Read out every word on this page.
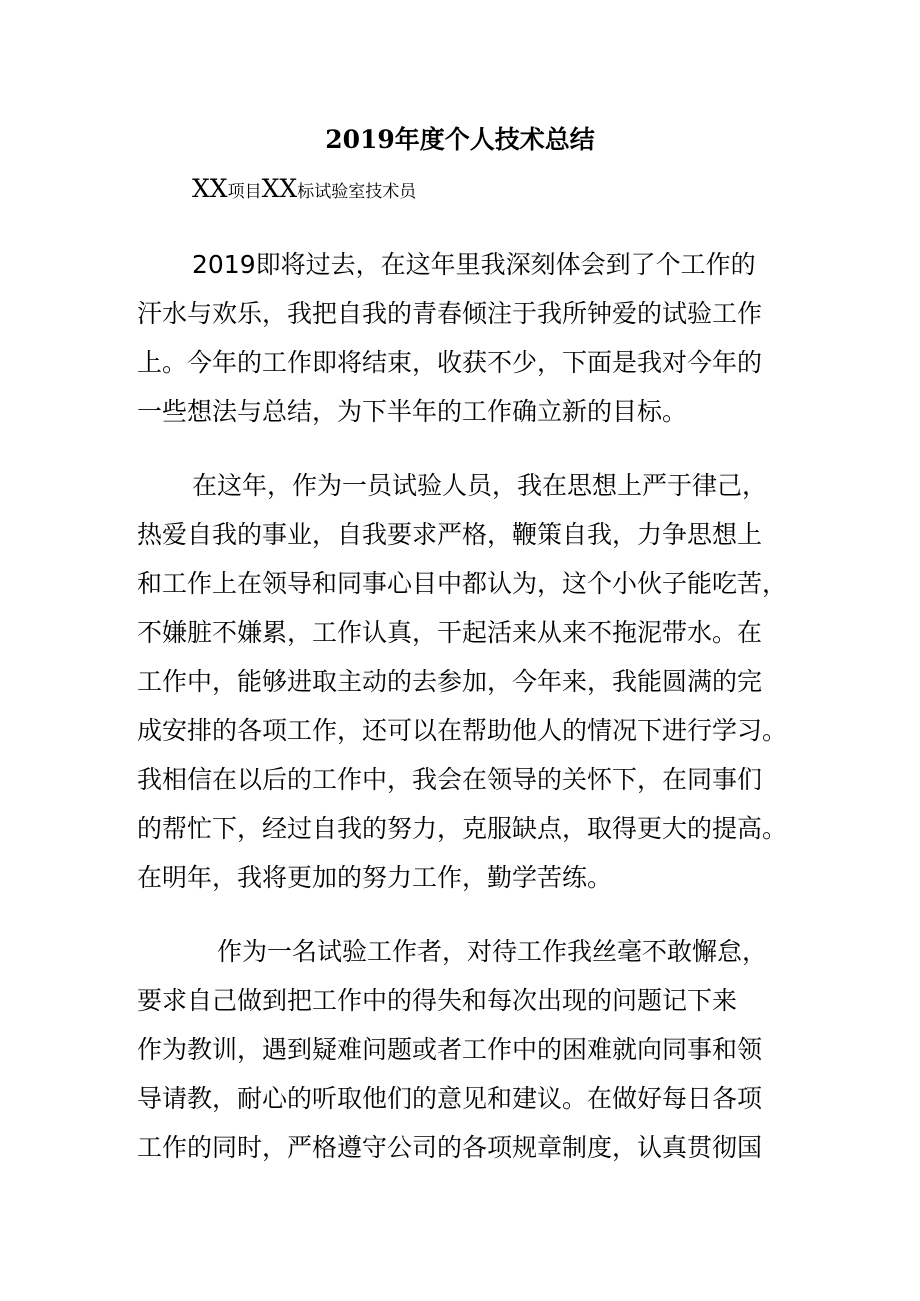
2019年度个人技术总结
XX项目XX标试验室技术员
2019即将过去，在这年里我深刻体会到了个工作的
汗水与欢乐，我把自我的青春倾注于我所钟爱的试验工作
上。今年的工作即将结束，收获不少，下面是我对今年的
一些想法与总结，为下半年的工作确立新的目标。
在这年，作为一员试验人员，我在思想上严于律己，
热爱自我的事业，自我要求严格，鞭策自我，力争思想上
和工作上在领导和同事心目中都认为，这个小伙子能吃苦，
不嫌脏不嫌累，工作认真，干起活来从来不拖泥带水。在
工作中，能够进取主动的去参加，今年来，我能圆满的完
成安排的各项工作，还可以在帮助他人的情况下进行学习。
我相信在以后的工作中，我会在领导的关怀下，在同事们
的帮忙下，经过自我的努力，克服缺点，取得更大的提高。
在明年，我将更加的努力工作，勤学苦练。
作为一名试验工作者，对待工作我丝毫不敢懈怠，
要求自己做到把工作中的得失和每次出现的问题记下来
作为教训，遇到疑难问题或者工作中的困难就向同事和领
导请教，耐心的听取他们的意见和建议。在做好每日各项
工作的同时，严格遵守公司的各项规章制度，认真贯彻国
